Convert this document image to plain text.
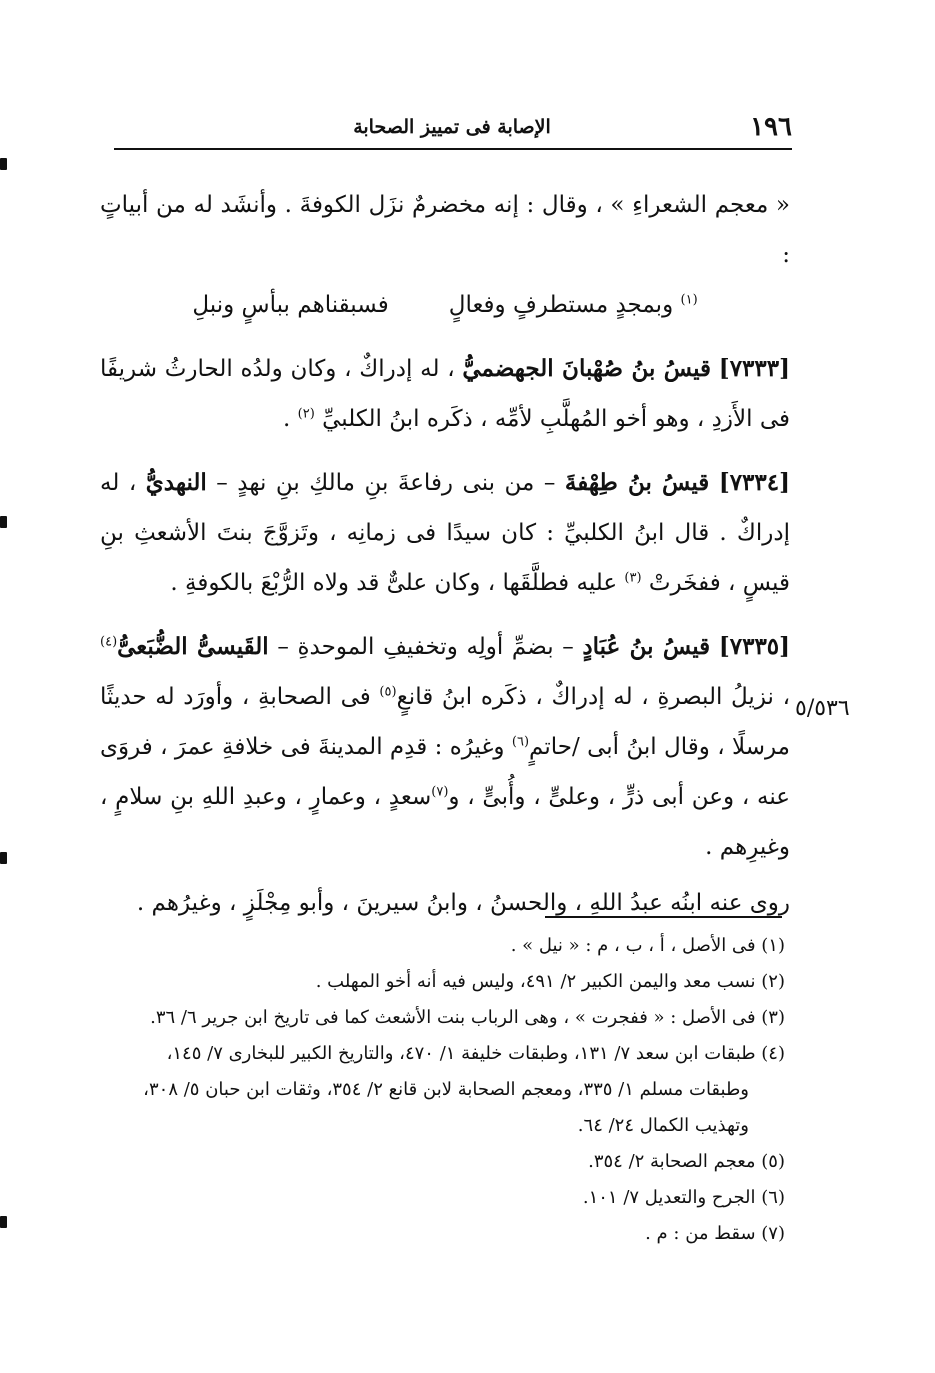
١٩٦
الإصابة فى تمييز الصحابة

« معجم الشعراءِ » ، وقال : إنه مخضرمٌ نزَل الكوفةَ . وأنشَد له من أبياتٍ :

$^{(١)}$ وبمجدٍ مستطرفٍ وفعالٍفسبقناهم ببأسٍ ونبلِ

[٧٣٣٣] قيسُ بنُ صُهْبانَ الجهضميُّ ، له إدراكٌ ، وكان ولدُه الحارثُ شريفًا فى الأَزدِ ، وهو أخو المُهلَّبِ لأمِّه ، ذكَره ابنُ الكلبيِّ $^{(٢)}$ .

[٧٣٣٤] قيسُ بنُ طِهْفةَ – من بنى رفاعةَ بنِ مالكِ بنِ نهدٍ – النهديُّ ، له إدراكٌ . قال ابنُ الكلبيِّ : كان سيدًا فى زمانِه ، وتَزوَّجَ بنتَ الأشعثِ بنِ قيسٍ ، ففخَرتْ $^{(٣)}$ عليه فطلَّقَها ، وكان علىٌّ قد ولاه الرُّبْعَ بالكوفةِ .

[٧٣٣٥] قيسُ بنُ عُبَادٍ – بضمِّ أولِه وتخفيفِ الموحدةِ – القَيسىُّ الضُّبَعىُّ$^{(٤)}$ ، نزيلُ البصرةِ ، له إدراكٌ ، ذكَره ابنُ قانعٍ$^{(٥)}$ فى الصحابةِ ، وأورَد له حديثًا مرسلًا ، وقال ابنُ أبى /حاتمٍ$^{(٦)}$ وغيرُه : قدِم المدينةَ فى خلافةِ عمرَ ، فروَى عنه ، وعن أبى ذرٍّ ، وعلىٍّ ، وأُبىٍّ ، و$^{(٧)}$سعدٍ ، وعمارٍ ، وعبدِ اللهِ بنِ سلامٍ ، وغيرِهم .

روى عنه ابنُه عبدُ اللهِ ، والحسنُ ، وابنُ سيرينَ ، وأبو مِجْلَزٍ ، وغيرُهم .

٥/٥٣٦

(١) فى الأصل ، أ ، ب ، م : « نيل » .

(٢) نسب معد واليمن الكبير ٢/ ٤٩١، وليس فيه أنه أخو المهلب .

(٣) فى الأصل : « ففجرت » ، وهى الرباب بنت الأشعث كما فى تاريخ ابن جرير ٦/ ٣٦.

(٤) طبقات ابن سعد ٧/ ١٣١، وطبقات خليفة ١/ ٤٧٠، والتاريخ الكبير للبخارى ٧/ ١٤٥،

وطبقات مسلم ١/ ٣٣٥، ومعجم الصحابة لابن قانع ٢/ ٣٥٤، وثقات ابن حبان ٥/ ٣٠٨،

وتهذيب الكمال ٢٤/ ٦٤.

(٥) معجم الصحابة ٢/ ٣٥٤.

(٦) الجرح والتعديل ٧/ ١٠١.

(٧) سقط من : م .
